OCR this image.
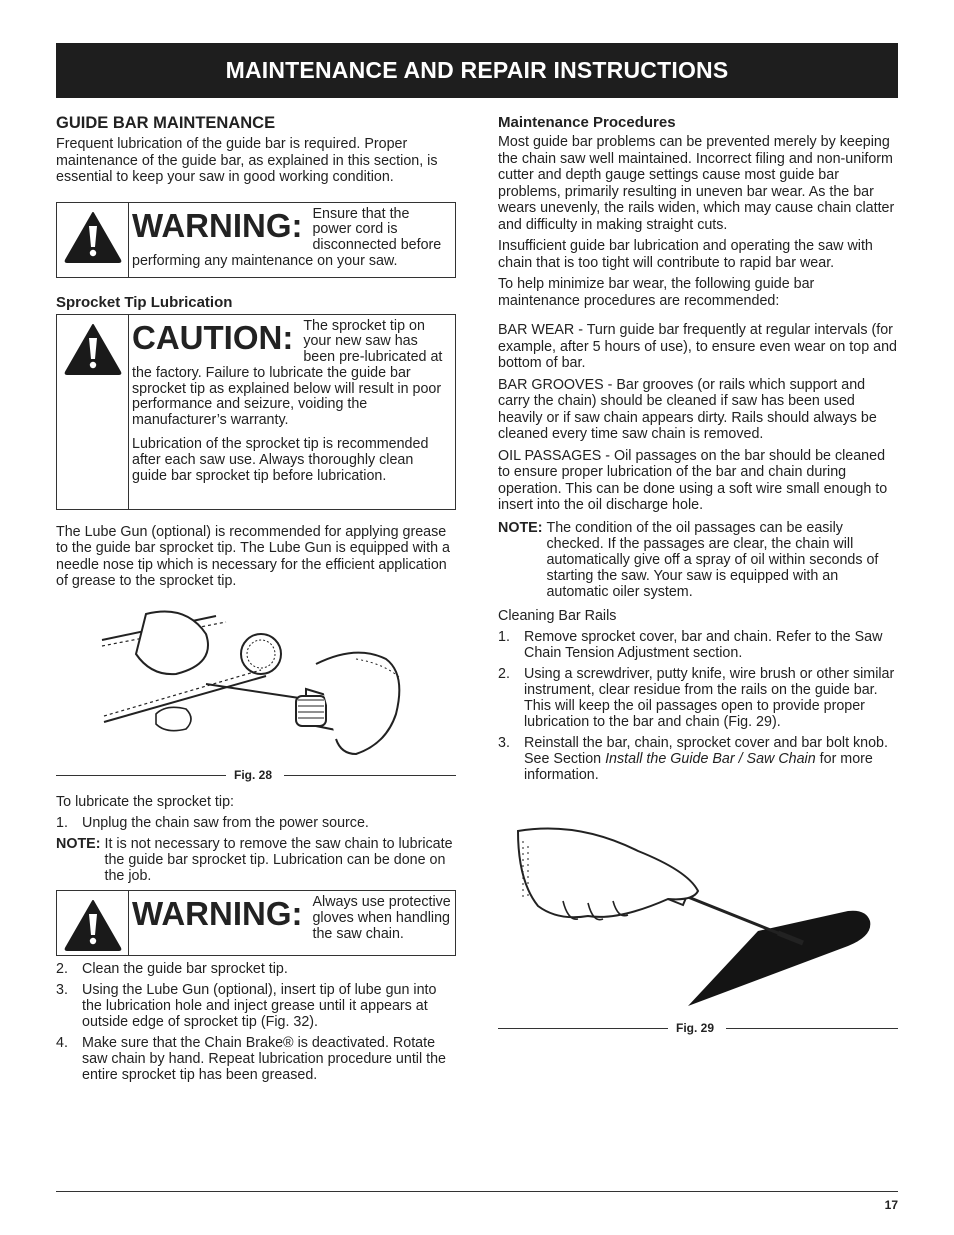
MAINTENANCE AND REPAIR INSTRUCTIONS

GUIDE BAR MAINTENANCE

Frequent lubrication of the guide bar is required. Proper maintenance of the guide bar, as explained in this section, is essential to keep your saw in good working condition.

WARNING: Ensure that the power cord is disconnected before performing any maintenance on your saw.

Sprocket Tip Lubrication

CAUTION: The sprocket tip on your new saw has been pre-lubricated at the factory. Failure to lubricate the guide bar sprocket tip as explained below will result in poor performance and seizure, voiding the manufacturer’s warranty.

Lubrication of the sprocket tip is recommended after each saw use. Always thoroughly clean guide bar sprocket tip before lubrication.

The Lube Gun (optional) is recommended for applying grease to the guide bar sprocket tip. The Lube Gun is equipped with a needle nose tip which is necessary for the efficient application of grease to the sprocket tip.

Fig. 28

To lubricate the sprocket tip:

1. Unplug the chain saw from the power source.
NOTE: It is not necessary to remove the saw chain to lubricate the guide bar sprocket tip. Lubrication can be done on the job.
WARNING: Always use protective gloves when handling the saw chain.
2. Clean the guide bar sprocket tip.
3. Using the Lube Gun (optional), insert tip of lube gun into the lubrication hole and inject grease until it appears at outside edge of sprocket tip (Fig. 32).
4. Make sure that the Chain Brake® is deactivated. Rotate saw chain by hand. Repeat lubrication procedure until the entire sprocket tip has been greased.

Maintenance Procedures

Most guide bar problems can be prevented merely by keeping the chain saw well maintained. Incorrect filing and non-uniform cutter and depth gauge settings cause most guide bar problems, primarily resulting in uneven bar wear. As the bar wears unevenly, the rails widen, which may cause chain clatter and difficulty in making straight cuts.

Insufficient guide bar lubrication and operating the saw with chain that is too tight will contribute to rapid bar wear.

To help minimize bar wear, the following guide bar maintenance procedures are recommended:

BAR WEAR - Turn guide bar frequently at regular intervals (for example, after 5 hours of use), to ensure even wear on top and bottom of bar.

BAR GROOVES - Bar grooves (or rails which support and carry the chain) should be cleaned if saw has been used heavily or if saw chain appears dirty. Rails should always be cleaned every time saw chain is removed.

OIL PASSAGES - Oil passages on the bar should be cleaned to ensure proper lubrication of the bar and chain during operation. This can be done using a soft wire small enough to insert into the oil discharge hole.

NOTE: The condition of the oil passages can be easily checked. If the passages are clear, the chain will automatically give off a spray of oil within seconds of starting the saw. Your saw is equipped with an automatic oiler system.

Cleaning Bar Rails

1. Remove sprocket cover, bar and chain. Refer to the Saw Chain Tension Adjustment section.
2. Using a screwdriver, putty knife, wire brush or other similar instrument, clear residue from the rails on the guide bar. This will keep the oil passages open to provide proper lubrication to the bar and chain (Fig. 29).
3. Reinstall the bar, chain, sprocket cover and bar bolt knob. See Section Install the Guide Bar / Saw Chain for more information.
Fig. 29
17
